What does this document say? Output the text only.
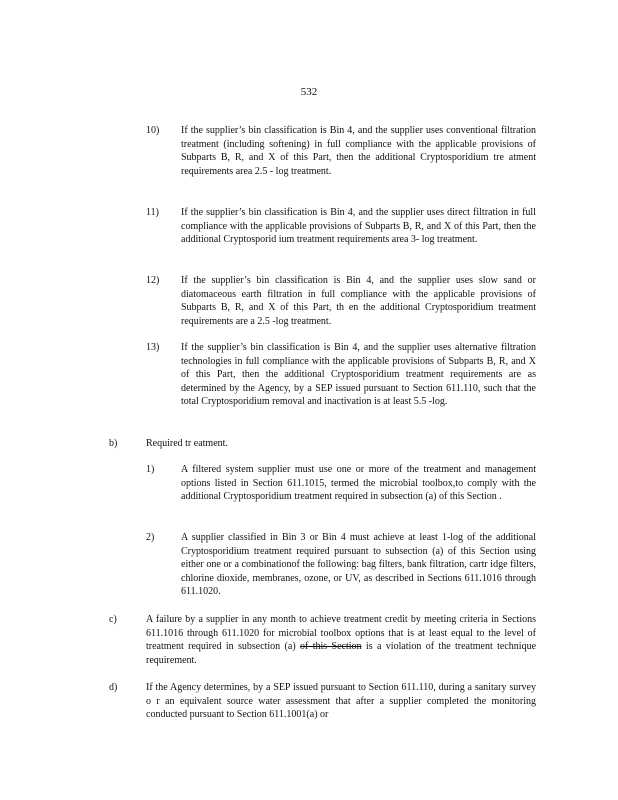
532
10) If the supplier’s bin classification is Bin 4, and the supplier uses conventional filtration treatment (including softening) in full compliance with the applicable provisions of Subparts B, R, and X of this Part, then the additional Cryptosporidium tre atment requirements area 2.5 - log treatment.
11) If the supplier’s bin classification is Bin 4, and the supplier uses direct filtration in full compliance with the applicable provisions of Subparts B, R, and X of this Part, then the additional Cryptosporid ium treatment requirements area 3- log treatment.
12) If the supplier’s bin classification is Bin 4, and the supplier uses slow sand or diatomaceous earth filtration in full compliance with the applicable provisions of Subparts B, R, and X of this Part, th en the additional Cryptosporidium treatment requirements are a 2.5 -log treatment.
13) If the supplier’s bin classification is Bin 4, and the supplier uses alternative filtration technologies in full compliance with the applicable provisions of Subparts B, R, and X of this Part, then the additional Cryptosporidium treatment requirements are as determined by the Agency, by a SEP issued pursuant to Section 611.110, such that the total Cryptosporidium removal and inactivation is at least 5.5 -log.
b)	Required tr eatment.
1)	A filtered system supplier must use one or more of the treatment and management options listed in Section 611.1015, termed the microbial toolbox,to comply with the additional Cryptosporidium treatment required in subsection (a) of this Section .
2)	A supplier classified in Bin 3 or Bin 4 must achieve at least 1-log of the additional Cryptosporidium treatment required pursuant to subsection (a) of this Section using either one or a combinationof the following: bag filters, bank filtration, cartr idge filters, chlorine dioxide, membranes, ozone, or UV, as described in Sections 611.1016 through 611.1020.
c)	A failure by a supplier in any month to achieve treatment credit by meeting criteria in Sections 611.1016 through 611.1020 for microbial toolbox options that is at least equal to the level of treatment required in subsection (a) of this Section is a violation of the treatment technique requirement.
d)	If the Agency determines, by a SEP issued pursuant to Section 611.110, during a sanitary survey o r an equivalent source water assessment that after a supplier completed the monitoring conducted pursuant to Section 611.1001(a) or
